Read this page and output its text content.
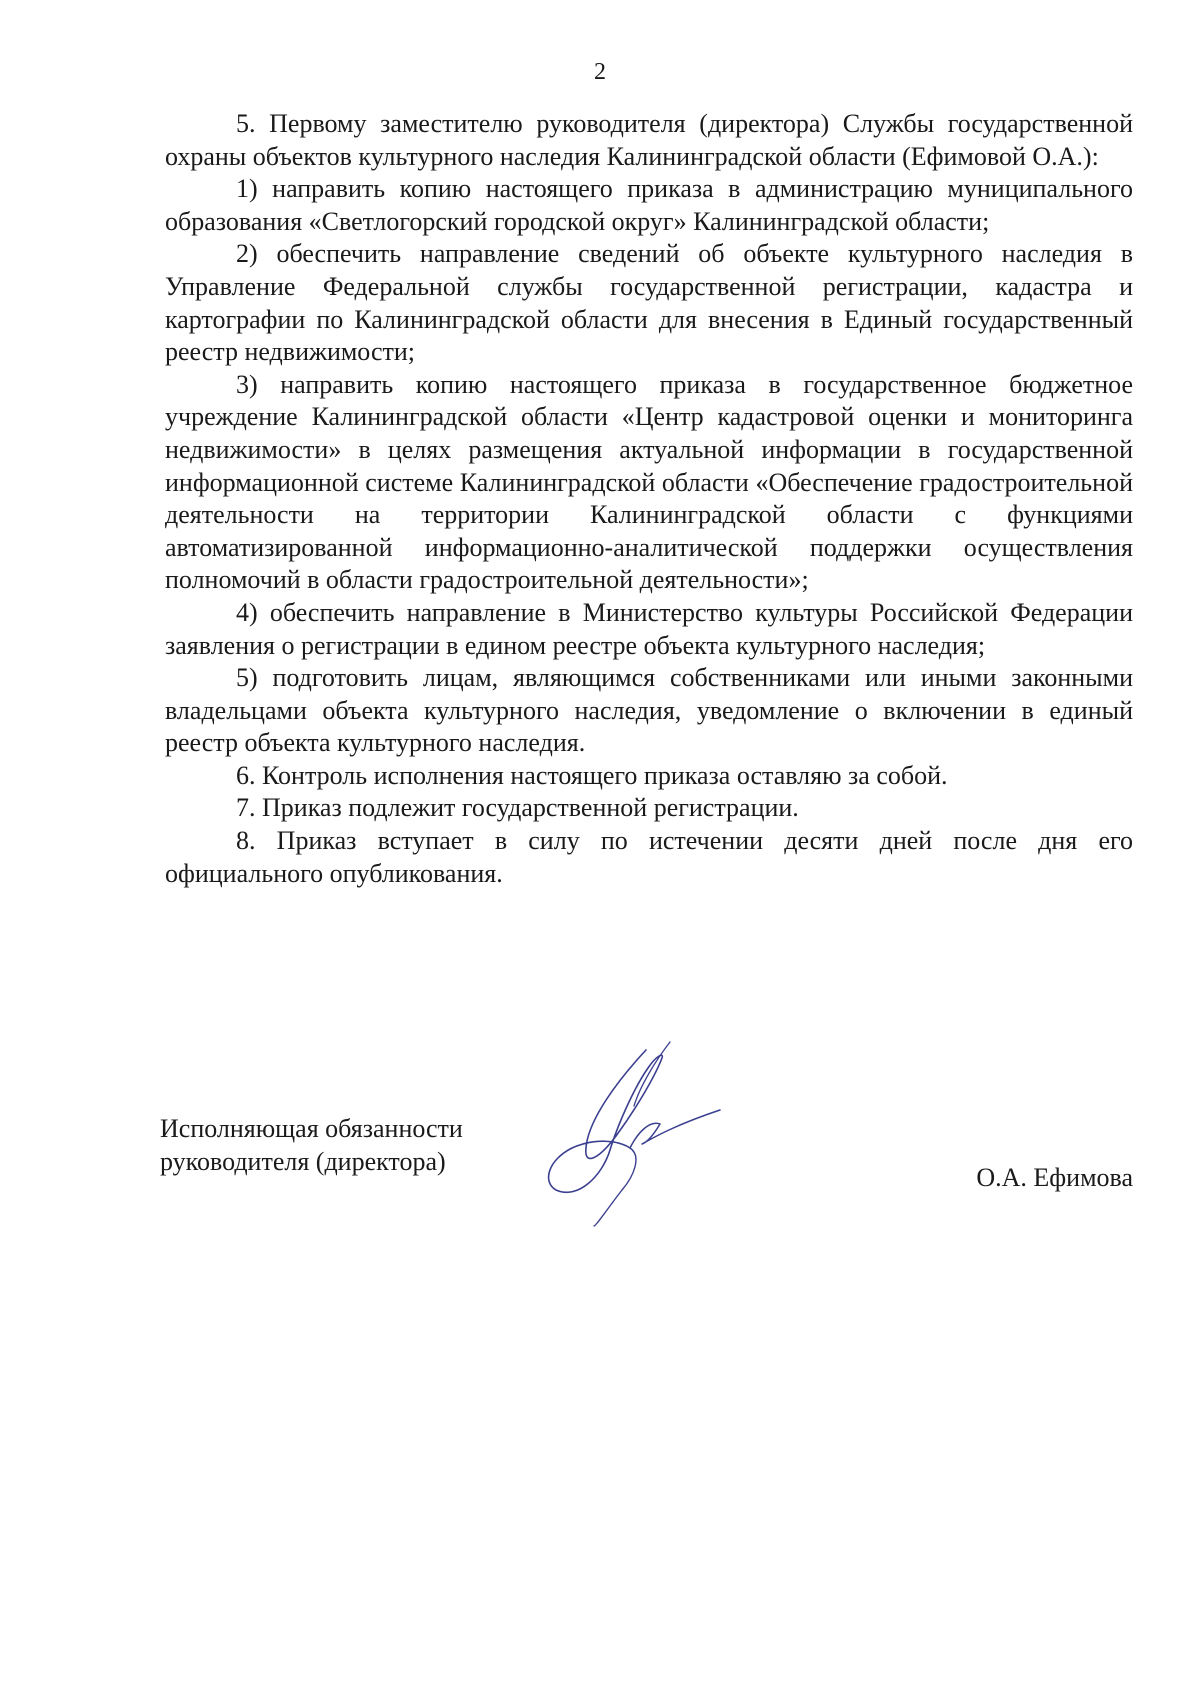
2

5. Первому заместителю руководителя (директора) Службы государственной охраны объектов культурного наследия Калининградской области (Ефимовой О.А.):

1) направить копию настоящего приказа в администрацию муниципального образования «Светлогорский городской округ» Калининградской области;

2) обеспечить направление сведений об объекте культурного наследия в Управление Федеральной службы государственной регистрации, кадастра и картографии по Калининградской области для внесения в Единый государственный реестр недвижимости;

3) направить копию настоящего приказа в государственное бюджетное учреждение Калининградской области «Центр кадастровой оценки и мониторинга недвижимости» в целях размещения актуальной информации в государственной информационной системе Калининградской области «Обеспечение градостроительной деятельности на территории Калининградской области с функциями автоматизированной информационно-аналитической поддержки осуществления полномочий в области градостроительной деятельности»;

4) обеспечить направление в Министерство культуры Российской Федерации заявления о регистрации в едином реестре объекта культурного наследия;

5) подготовить лицам, являющимся собственниками или иными законными владельцами объекта культурного наследия, уведомление о включении в единый реестр объекта культурного наследия.

6. Контроль исполнения настоящего приказа оставляю за собой.

7. Приказ подлежит государственной регистрации.

8. Приказ вступает в силу по истечении десяти дней после дня его официального опубликования.

Исполняющая обязанности
руководителя (директора)
О.А. Ефимова
